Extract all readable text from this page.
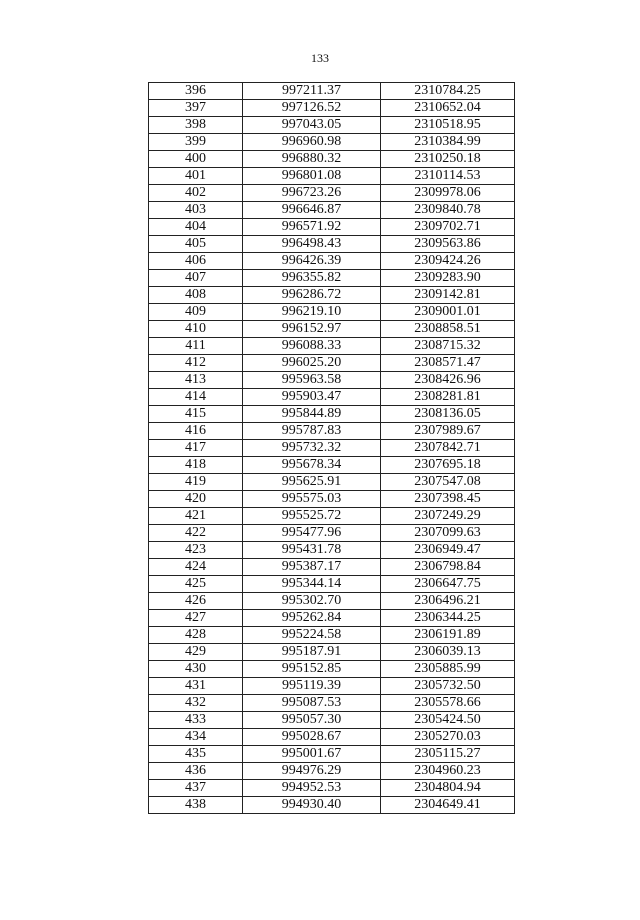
133
396	997211.37	2310784.25
397	997126.52	2310652.04
398	997043.05	2310518.95
399	996960.98	2310384.99
400	996880.32	2310250.18
401	996801.08	2310114.53
402	996723.26	2309978.06
403	996646.87	2309840.78
404	996571.92	2309702.71
405	996498.43	2309563.86
406	996426.39	2309424.26
407	996355.82	2309283.90
408	996286.72	2309142.81
409	996219.10	2309001.01
410	996152.97	2308858.51
411	996088.33	2308715.32
412	996025.20	2308571.47
413	995963.58	2308426.96
414	995903.47	2308281.81
415	995844.89	2308136.05
416	995787.83	2307989.67
417	995732.32	2307842.71
418	995678.34	2307695.18
419	995625.91	2307547.08
420	995575.03	2307398.45
421	995525.72	2307249.29
422	995477.96	2307099.63
423	995431.78	2306949.47
424	995387.17	2306798.84
425	995344.14	2306647.75
426	995302.70	2306496.21
427	995262.84	2306344.25
428	995224.58	2306191.89
429	995187.91	2306039.13
430	995152.85	2305885.99
431	995119.39	2305732.50
432	995087.53	2305578.66
433	995057.30	2305424.50
434	995028.67	2305270.03
435	995001.67	2305115.27
436	994976.29	2304960.23
437	994952.53	2304804.94
438	994930.40	2304649.41
